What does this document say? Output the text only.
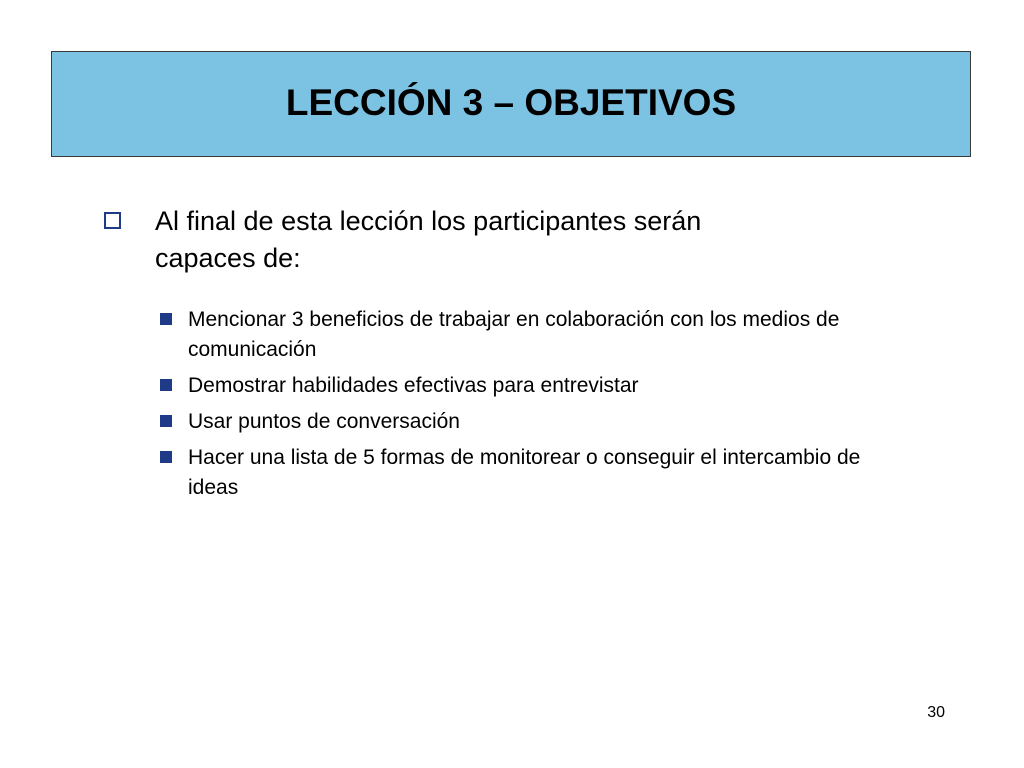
LECCIÓN 3 – OBJETIVOS
Al final de esta lección los participantes serán capaces de:
Mencionar 3 beneficios de trabajar en colaboración con los medios de comunicación
Demostrar habilidades efectivas para entrevistar
Usar puntos de conversación
Hacer una lista de 5 formas de monitorear o conseguir el intercambio de ideas
30
